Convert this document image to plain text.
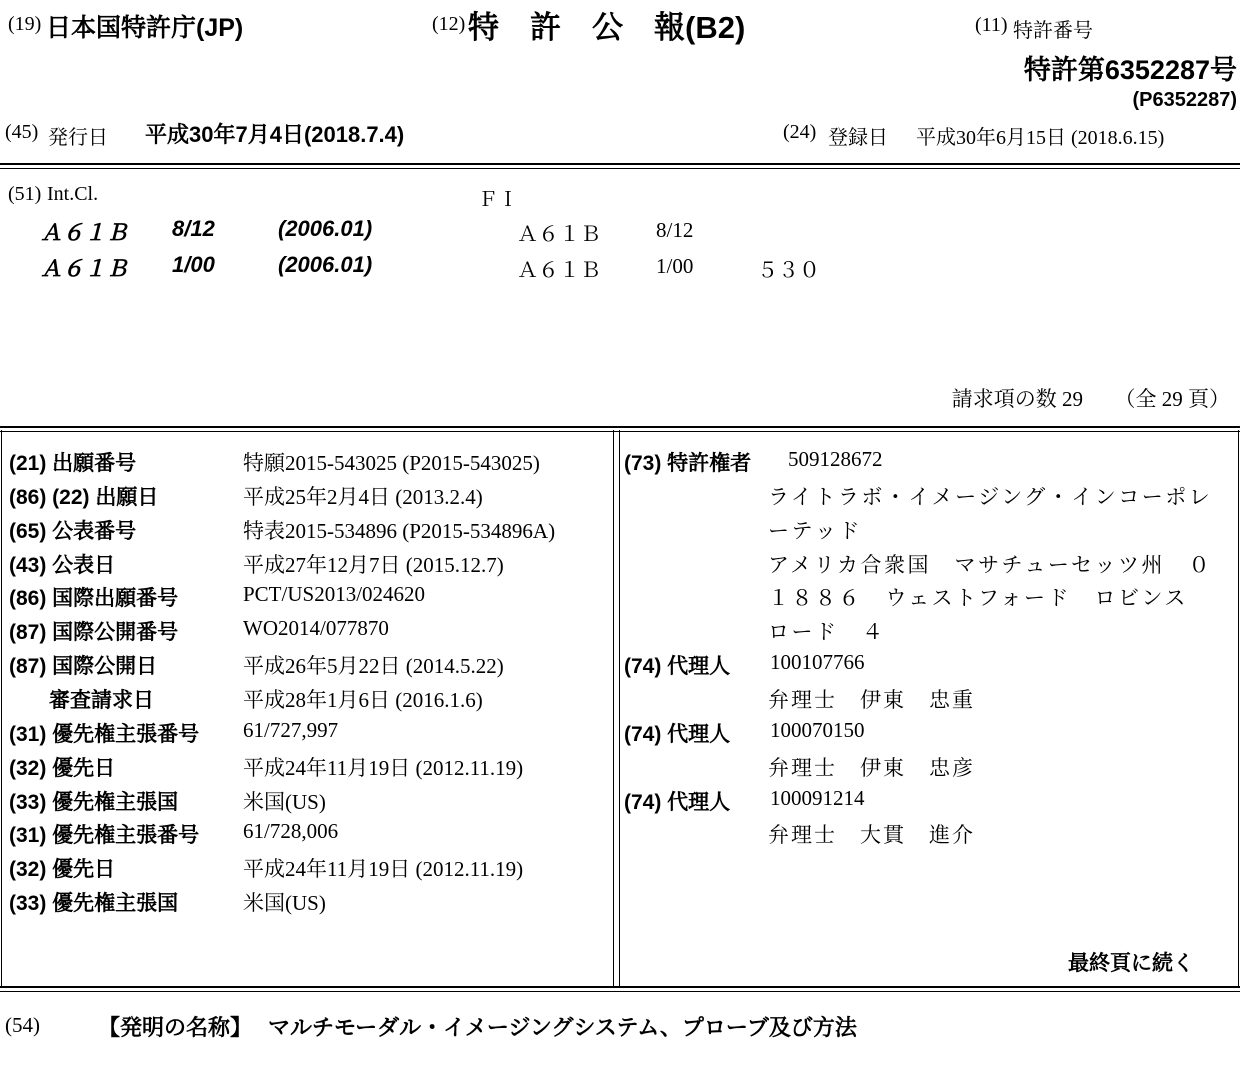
(19) 日本国特許庁(JP)	(12) 特　許　公　報(B2)	(11) 特許番号
特許第6352287号
(P6352287)
(45) 発行日 平成30年7月4日(2018.7.4)	(24) 登録日 平成30年6月15日 (2018.6.15)
(51) Int.Cl.	ＦＩ
Ａ６１Ｂ 8/12	(2006.01)	Ａ６１Ｂ	8/12
Ａ６１Ｂ 1/00	(2006.01)	Ａ６１Ｂ	1/00	５３０
請求項の数 29　　（全 29 頁）
(21) 出願番号	特願2015-543025 (P2015-543025)
(86) (22) 出願日	平成25年2月4日 (2013.2.4)
(65) 公表番号	特表2015-534896 (P2015-534896A)
(43) 公表日	平成27年12月7日 (2015.12.7)
(86) 国際出願番号	PCT/US2013/024620
(87) 国際公開番号	WO2014/077870
(87) 国際公開日	平成26年5月22日 (2014.5.22)
審査請求日	平成28年1月6日 (2016.1.6)
(31) 優先権主張番号 61/727,997
(32) 優先日	平成24年11月19日 (2012.11.19)
(33) 優先権主張国	米国(US)
(31) 優先権主張番号 61/728,006
(32) 優先日	平成24年11月19日 (2012.11.19)
(33) 優先権主張国	米国(US)
(73) 特許権者 509128672
ライトラボ・イメージング・インコーポレ
ーテッド
アメリカ合衆国　マサチューセッツ州　０
１８８６　ウェストフォード　ロビンス
ロード　４
(74) 代理人 100107766
弁理士　伊東　忠重
(74) 代理人 100070150
弁理士　伊東　忠彦
(74) 代理人 100091214
弁理士　大貫　進介
最終頁に続く
(54)	【発明の名称】 マルチモーダル・イメージングシステム、プローブ及び方法
